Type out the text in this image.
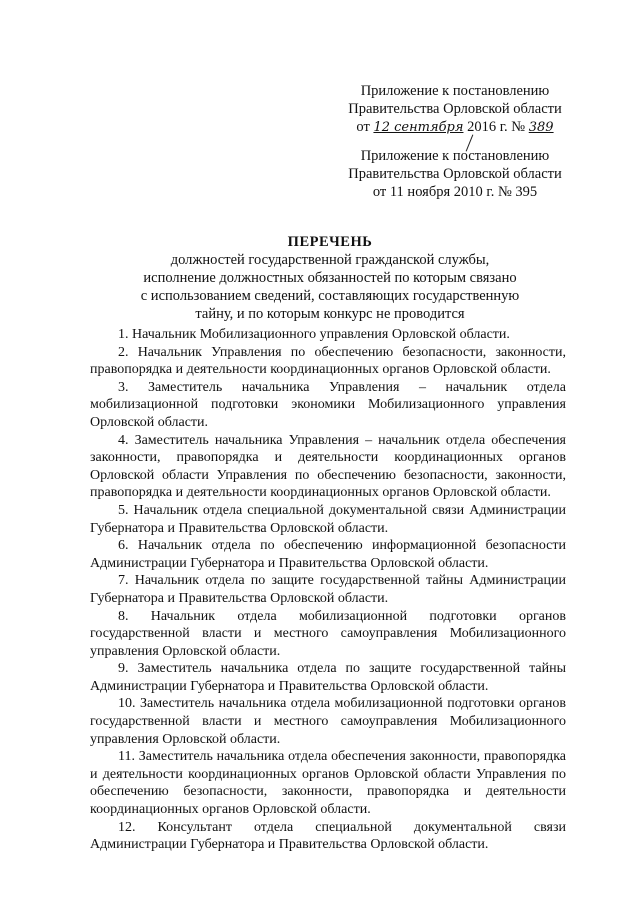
Приложение к постановлению
Правительства Орловской области
от 12 сентября 2016 г. № 389
Приложение к постановлению
Правительства Орловской области
от 11 ноября 2010 г. № 395
ПЕРЕЧЕНЬ
должностей государственной гражданской службы,
исполнение должностных обязанностей по которым связано
с использованием сведений, составляющих государственную
тайну, и по которым конкурс не проводится

1. Начальник Мобилизационного управления Орловской области.

2. Начальник Управления по обеспечению безопасности, законности, правопорядка и деятельности координационных органов Орловской области.

3. Заместитель начальника Управления – начальник отдела мобилизационной подготовки экономики Мобилизационного управления Орловской области.

4. Заместитель начальника Управления – начальник отдела обеспечения законности, правопорядка и деятельности координационных органов Орловской области Управления по обеспечению безопасности, законности, правопорядка и деятельности координационных органов Орловской области.

5. Начальник отдела специальной документальной связи Администрации Губернатора и Правительства Орловской области.

6. Начальник отдела по обеспечению информационной безопасности Администрации Губернатора и Правительства Орловской области.

7. Начальник отдела по защите государственной тайны Администрации Губернатора и Правительства Орловской области.

8. Начальник отдела мобилизационной подготовки органов государственной власти и местного самоуправления Мобилизационного управления Орловской области.

9. Заместитель начальника отдела по защите государственной тайны Администрации Губернатора и Правительства Орловской области.

10. Заместитель начальника отдела мобилизационной подготовки органов государственной власти и местного самоуправления Мобилизационного управления Орловской области.

11. Заместитель начальника отдела обеспечения законности, правопорядка и деятельности координационных органов Орловской области Управления по обеспечению безопасности, законности, правопорядка и деятельности координационных органов Орловской области.

12. Консультант отдела специальной документальной связи Администрации Губернатора и Правительства Орловской области.
